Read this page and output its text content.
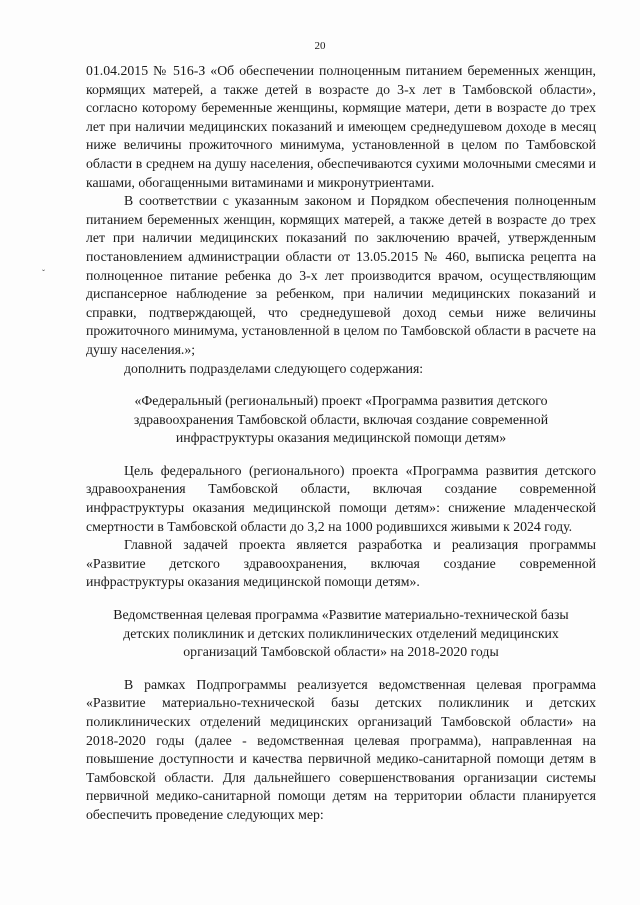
20
ˇ

01.04.2015 № 516-З «Об обеспечении полноценным питанием беременных женщин, кормящих матерей, а также детей в возрасте до 3-х лет в Тамбовской области», согласно которому беременные женщины, кормящие матери, дети в возрасте до трех лет при наличии медицинских показаний и имеющем среднедушевом доходе в месяц ниже величины прожиточного минимума, установленной в целом по Тамбовской области в среднем на душу населения, обеспечиваются сухими молочными смесями и кашами, обогащенными витаминами и микронутриентами.

В соответствии с указанным законом и Порядком обеспечения полноценным питанием беременных женщин, кормящих матерей, а также детей в возрасте до трех лет при наличии медицинских показаний по заключению врачей, утвержденным постановлением администрации области от 13.05.2015 № 460, выписка рецепта на полноценное питание ребенка до 3-х лет производится врачом, осуществляющим диспансерное наблюдение за ребенком, при наличии медицинских показаний и справки, подтверждающей, что среднедушевой доход семьи ниже величины прожиточного минимума, установленной в целом по Тамбовской области в расчете на душу населения.»;

дополнить подразделами следующего содержания:

«Федеральный (региональный) проект «Программа развития детского здравоохранения Тамбовской области, включая создание современной инфраструктуры оказания медицинской помощи детям»

Цель федерального (регионального) проекта «Программа развития детского здравоохранения Тамбовской области, включая создание современной инфраструктуры оказания медицинской помощи детям»: снижение младенческой смертности в Тамбовской области до 3,2 на 1000 родившихся живыми к 2024 году.

Главной задачей проекта является разработка и реализация программы «Развитие детского здравоохранения, включая создание современной инфраструктуры оказания медицинской помощи детям».

Ведомственная целевая программа «Развитие материально-технической базы детских поликлиник и детских поликлинических отделений медицинских организаций Тамбовской области» на 2018-2020 годы

В рамках Подпрограммы реализуется ведомственная целевая программа «Развитие материально-технической базы детских поликлиник и детских поликлинических отделений медицинских организаций Тамбовской области» на 2018-2020 годы (далее - ведомственная целевая программа), направленная на повышение доступности и качества первичной медико-санитарной помощи детям в Тамбовской области. Для дальнейшего совершенствования организации системы первичной медико-санитарной помощи детям на территории области планируется обеспечить проведение следующих мер:
